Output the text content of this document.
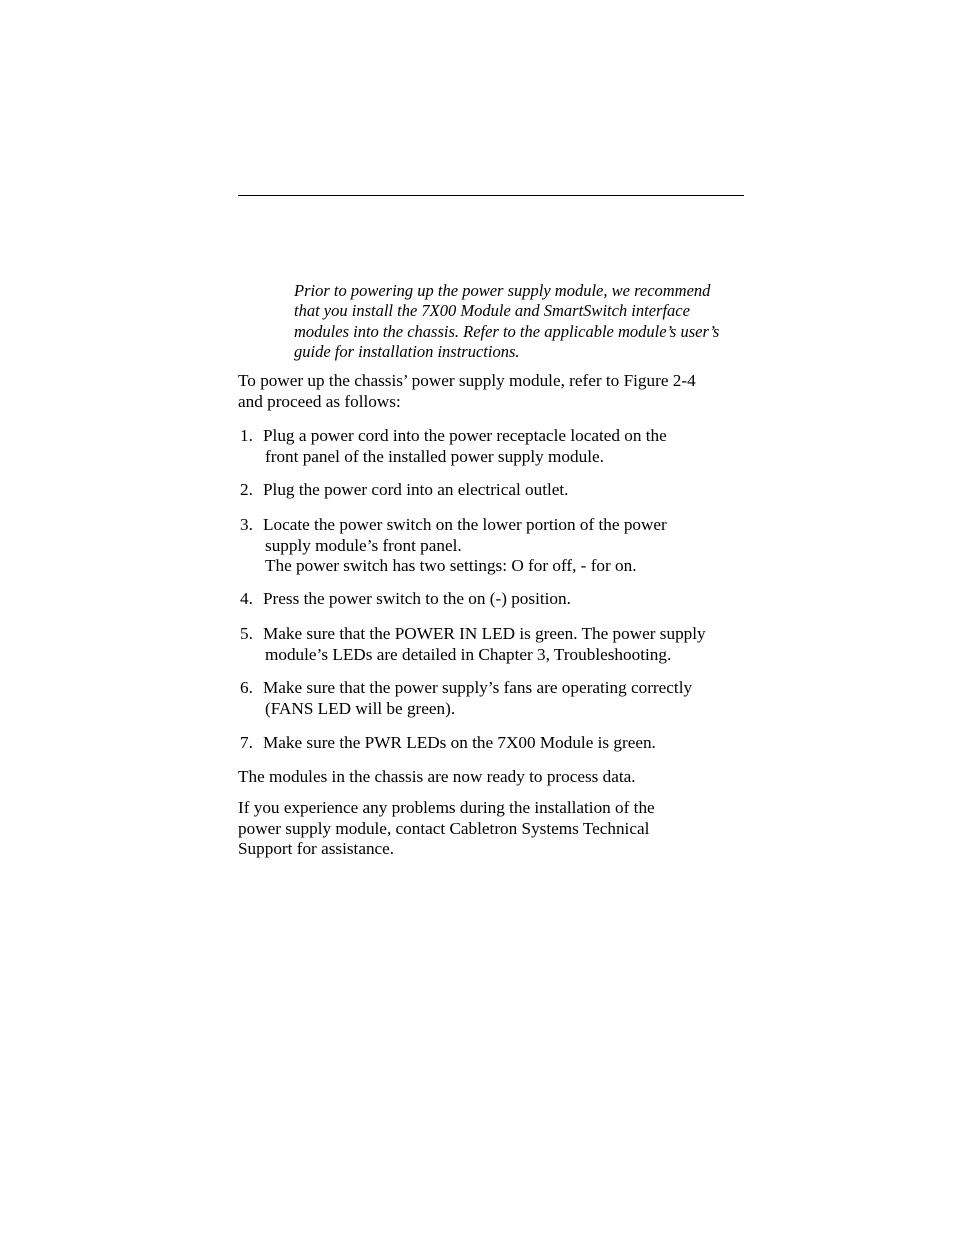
Prior to powering up the power supply module, we recommend
that you install the 7X00 Module and SmartSwitch interface
modules into the chassis. Refer to the applicable module’s user’s
guide for installation instructions.
To power up the chassis’ power supply module, refer to Figure 2-4
and proceed as follows:
1. Plug a power cord into the power receptacle located on the
front panel of the installed power supply module.
2. Plug the power cord into an electrical outlet.
3. Locate the power switch on the lower portion of the power
supply module’s front panel.
The power switch has two settings: O for off, - for on.
4. Press the power switch to the on (-) position.
5. Make sure that the POWER IN LED is green. The power supply
module’s LEDs are detailed in Chapter 3, Troubleshooting.
6. Make sure that the power supply’s fans are operating correctly
(FANS LED will be green).
7. Make sure the PWR LEDs on the 7X00 Module is green.
The modules in the chassis are now ready to process data.
If you experience any problems during the installation of the
power supply module, contact Cabletron Systems Technical
Support for assistance.
